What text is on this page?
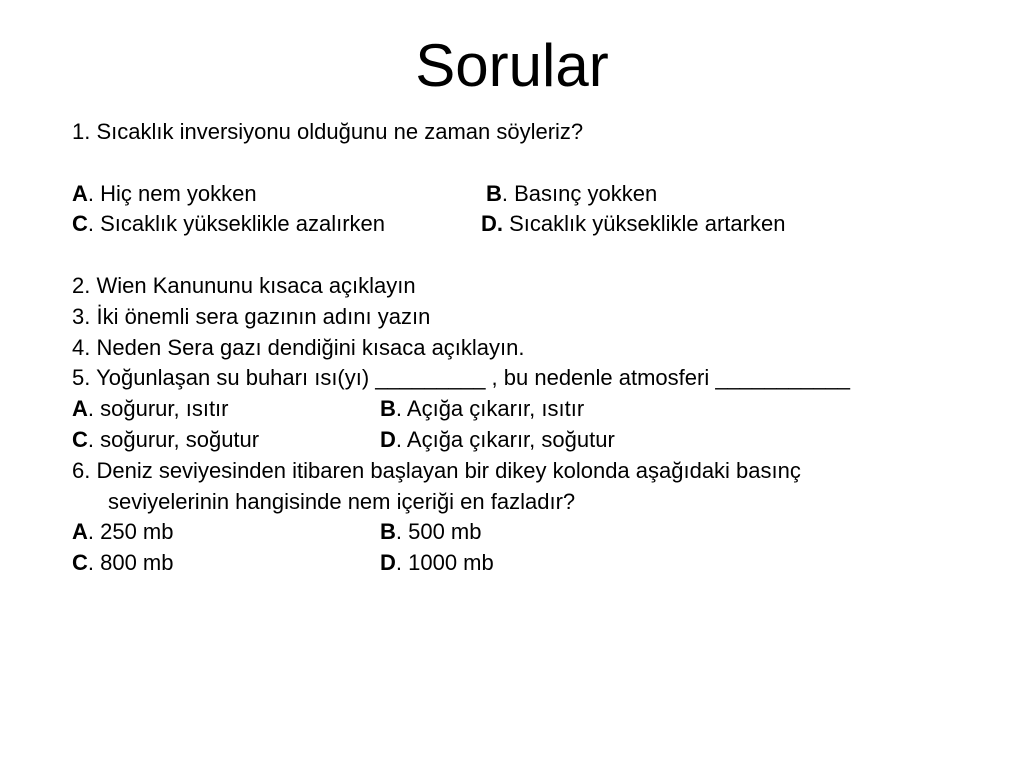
Sorular
1. Sıcaklık inversiyonu olduğunu ne zaman söyleriz?
A. Hiç nem yokken	B. Basınç yokken
C. Sıcaklık yükseklikle azalırken	D. Sıcaklık yükseklikle artarken
2. Wien Kanununu kısaca açıklayın
3. İki önemli sera gazının adını yazın
4. Neden Sera gazı dendiğini kısaca açıklayın.
5. Yoğunlaşan su buharı ısı(yı) _________ , bu nedenle atmosferi ___________
A. soğurur, ısıtır	B. Açığa çıkarır, ısıtır
C. soğurur, soğutur	D. Açığa çıkarır, soğutur
6. Deniz seviyesinden itibaren başlayan bir dikey kolonda aşağıdaki basınç
seviyelerinin hangisinde nem içeriği en fazladır?
A. 250 mb	B. 500 mb
C. 800 mb	D. 1000 mb
